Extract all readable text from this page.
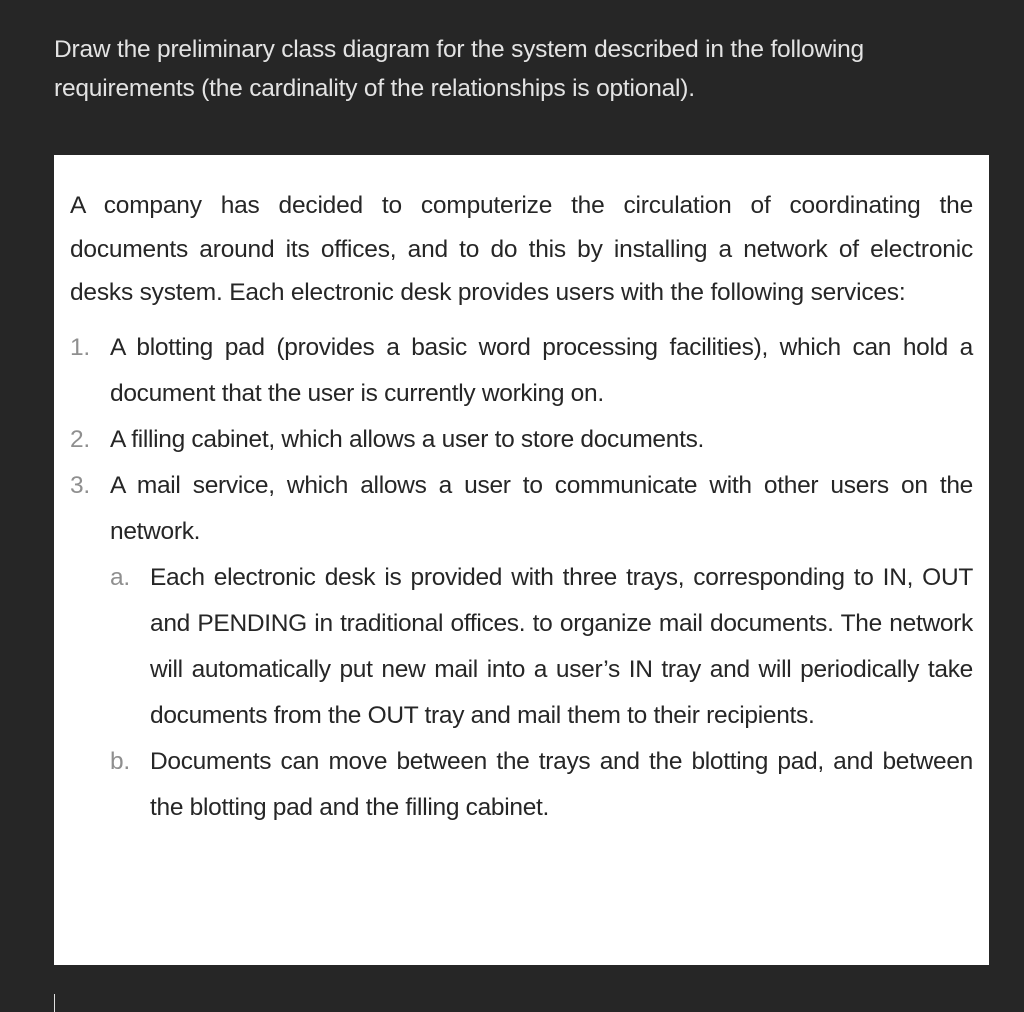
Draw the preliminary class diagram for the system described in the following requirements (the cardinality of the relationships is optional).

A company has decided to computerize the circulation of coordinating the documents around its offices, and to do this by installing a network of electronic desks system. Each electronic desk provides users with the following services:

1. A blotting pad (provides a basic word processing facilities), which can hold a document that the user is currently working on.
2. A filling cabinet, which allows a user to store documents.
3. A mail service, which allows a user to communicate with other users on the network.
a. Each electronic desk is provided with three trays, corresponding to IN, OUT and PENDING in traditional offices. to organize mail documents. The network will automatically put new mail into a user’s IN tray and will periodically take documents from the OUT tray and mail them to their recipients.
b. Documents can move between the trays and the blotting pad, and between the blotting pad and the filling cabinet.
